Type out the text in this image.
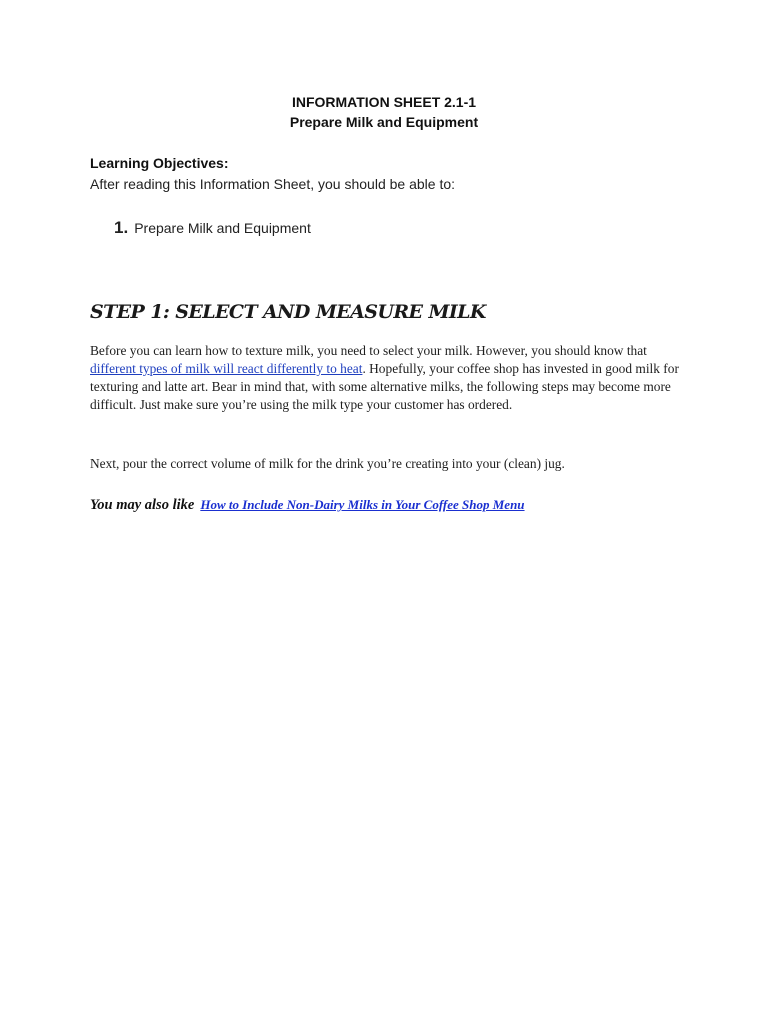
INFORMATION SHEET 2.1-1
Prepare Milk and Equipment
Learning Objectives:
After reading this Information Sheet, you should be able to:
1. Prepare Milk and Equipment
STEP 1: SELECT AND MEASURE MILK
Before you can learn how to texture milk, you need to select your milk. However, you should know that different types of milk will react differently to heat. Hopefully, your coffee shop has invested in good milk for texturing and latte art. Bear in mind that, with some alternative milks, the following steps may become more difficult. Just make sure you’re using the milk type your customer has ordered.
Next, pour the correct volume of milk for the drink you’re creating into your (clean) jug.
You may also like How to Include Non-Dairy Milks in Your Coffee Shop Menu
